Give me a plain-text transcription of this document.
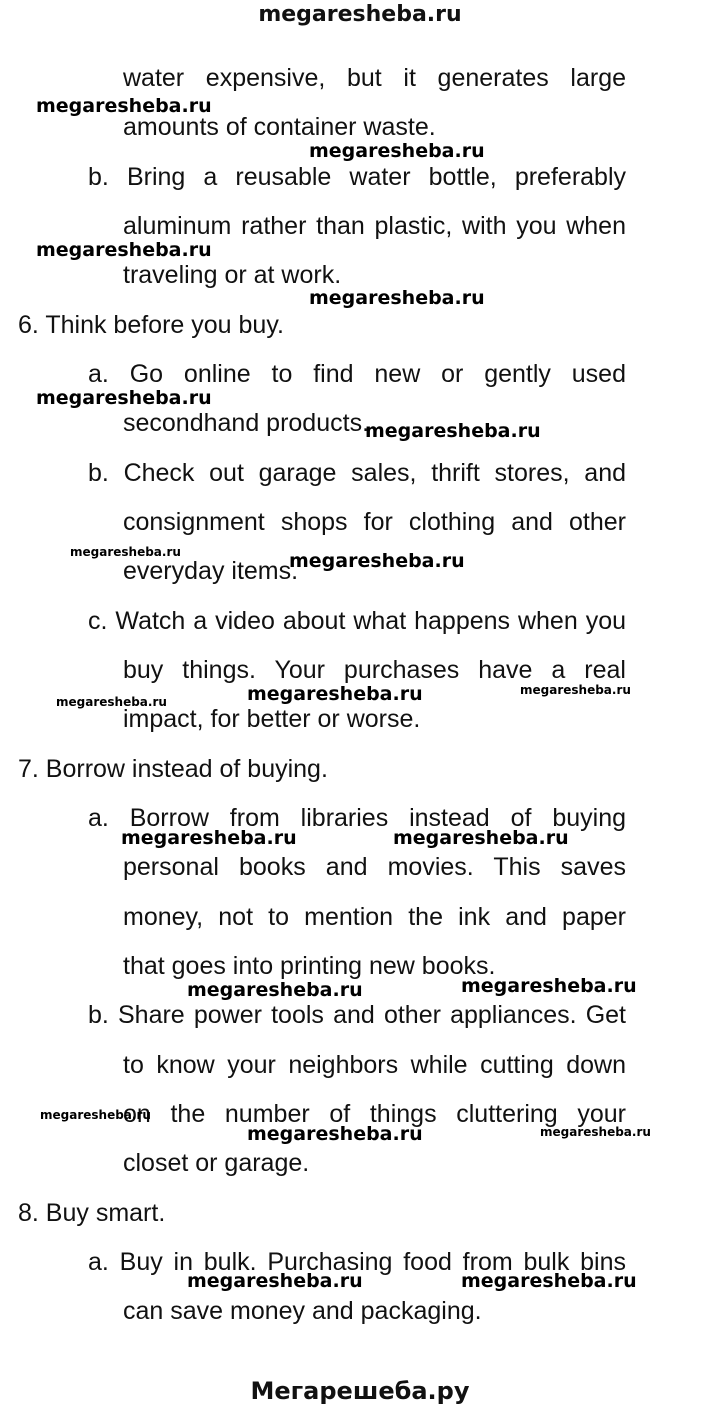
megaresheba.ru
water expensive, but it generates large
amounts of container waste.
b. Bring a reusable water bottle, preferably
aluminum rather than plastic, with you when
traveling or at work.
6. Think before you buy.
a. Go online to find new or gently used
secondhand products.
b. Check out garage sales, thrift stores, and
consignment shops for clothing and other
everyday items.
c. Watch a video about what happens when you
buy things. Your purchases have a real
impact, for better or worse.
7. Borrow instead of buying.
a. Borrow from libraries instead of buying
personal books and movies. This saves
money, not to mention the ink and paper
that goes into printing new books.
b. Share power tools and other appliances. Get
to know your neighbors while cutting down
on the number of things cluttering your
closet or garage.
8. Buy smart.
a. Buy in bulk. Purchasing food from bulk bins
can save money and packaging.
megaresheba.ru
megaresheba.ru
megaresheba.ru
megaresheba.ru
megaresheba.ru
megaresheba.ru
megaresheba.ru	megaresheba.ru
megaresheba.ru	megaresheba.ru	megaresheba.ru
megaresheba.ru	megaresheba.ru
megaresheba.ru	megaresheba.ru
megaresheba.ru
megaresheba.ru	megaresheba.ru
megaresheba.ru	megaresheba.ru
Мегарешеба.ру
